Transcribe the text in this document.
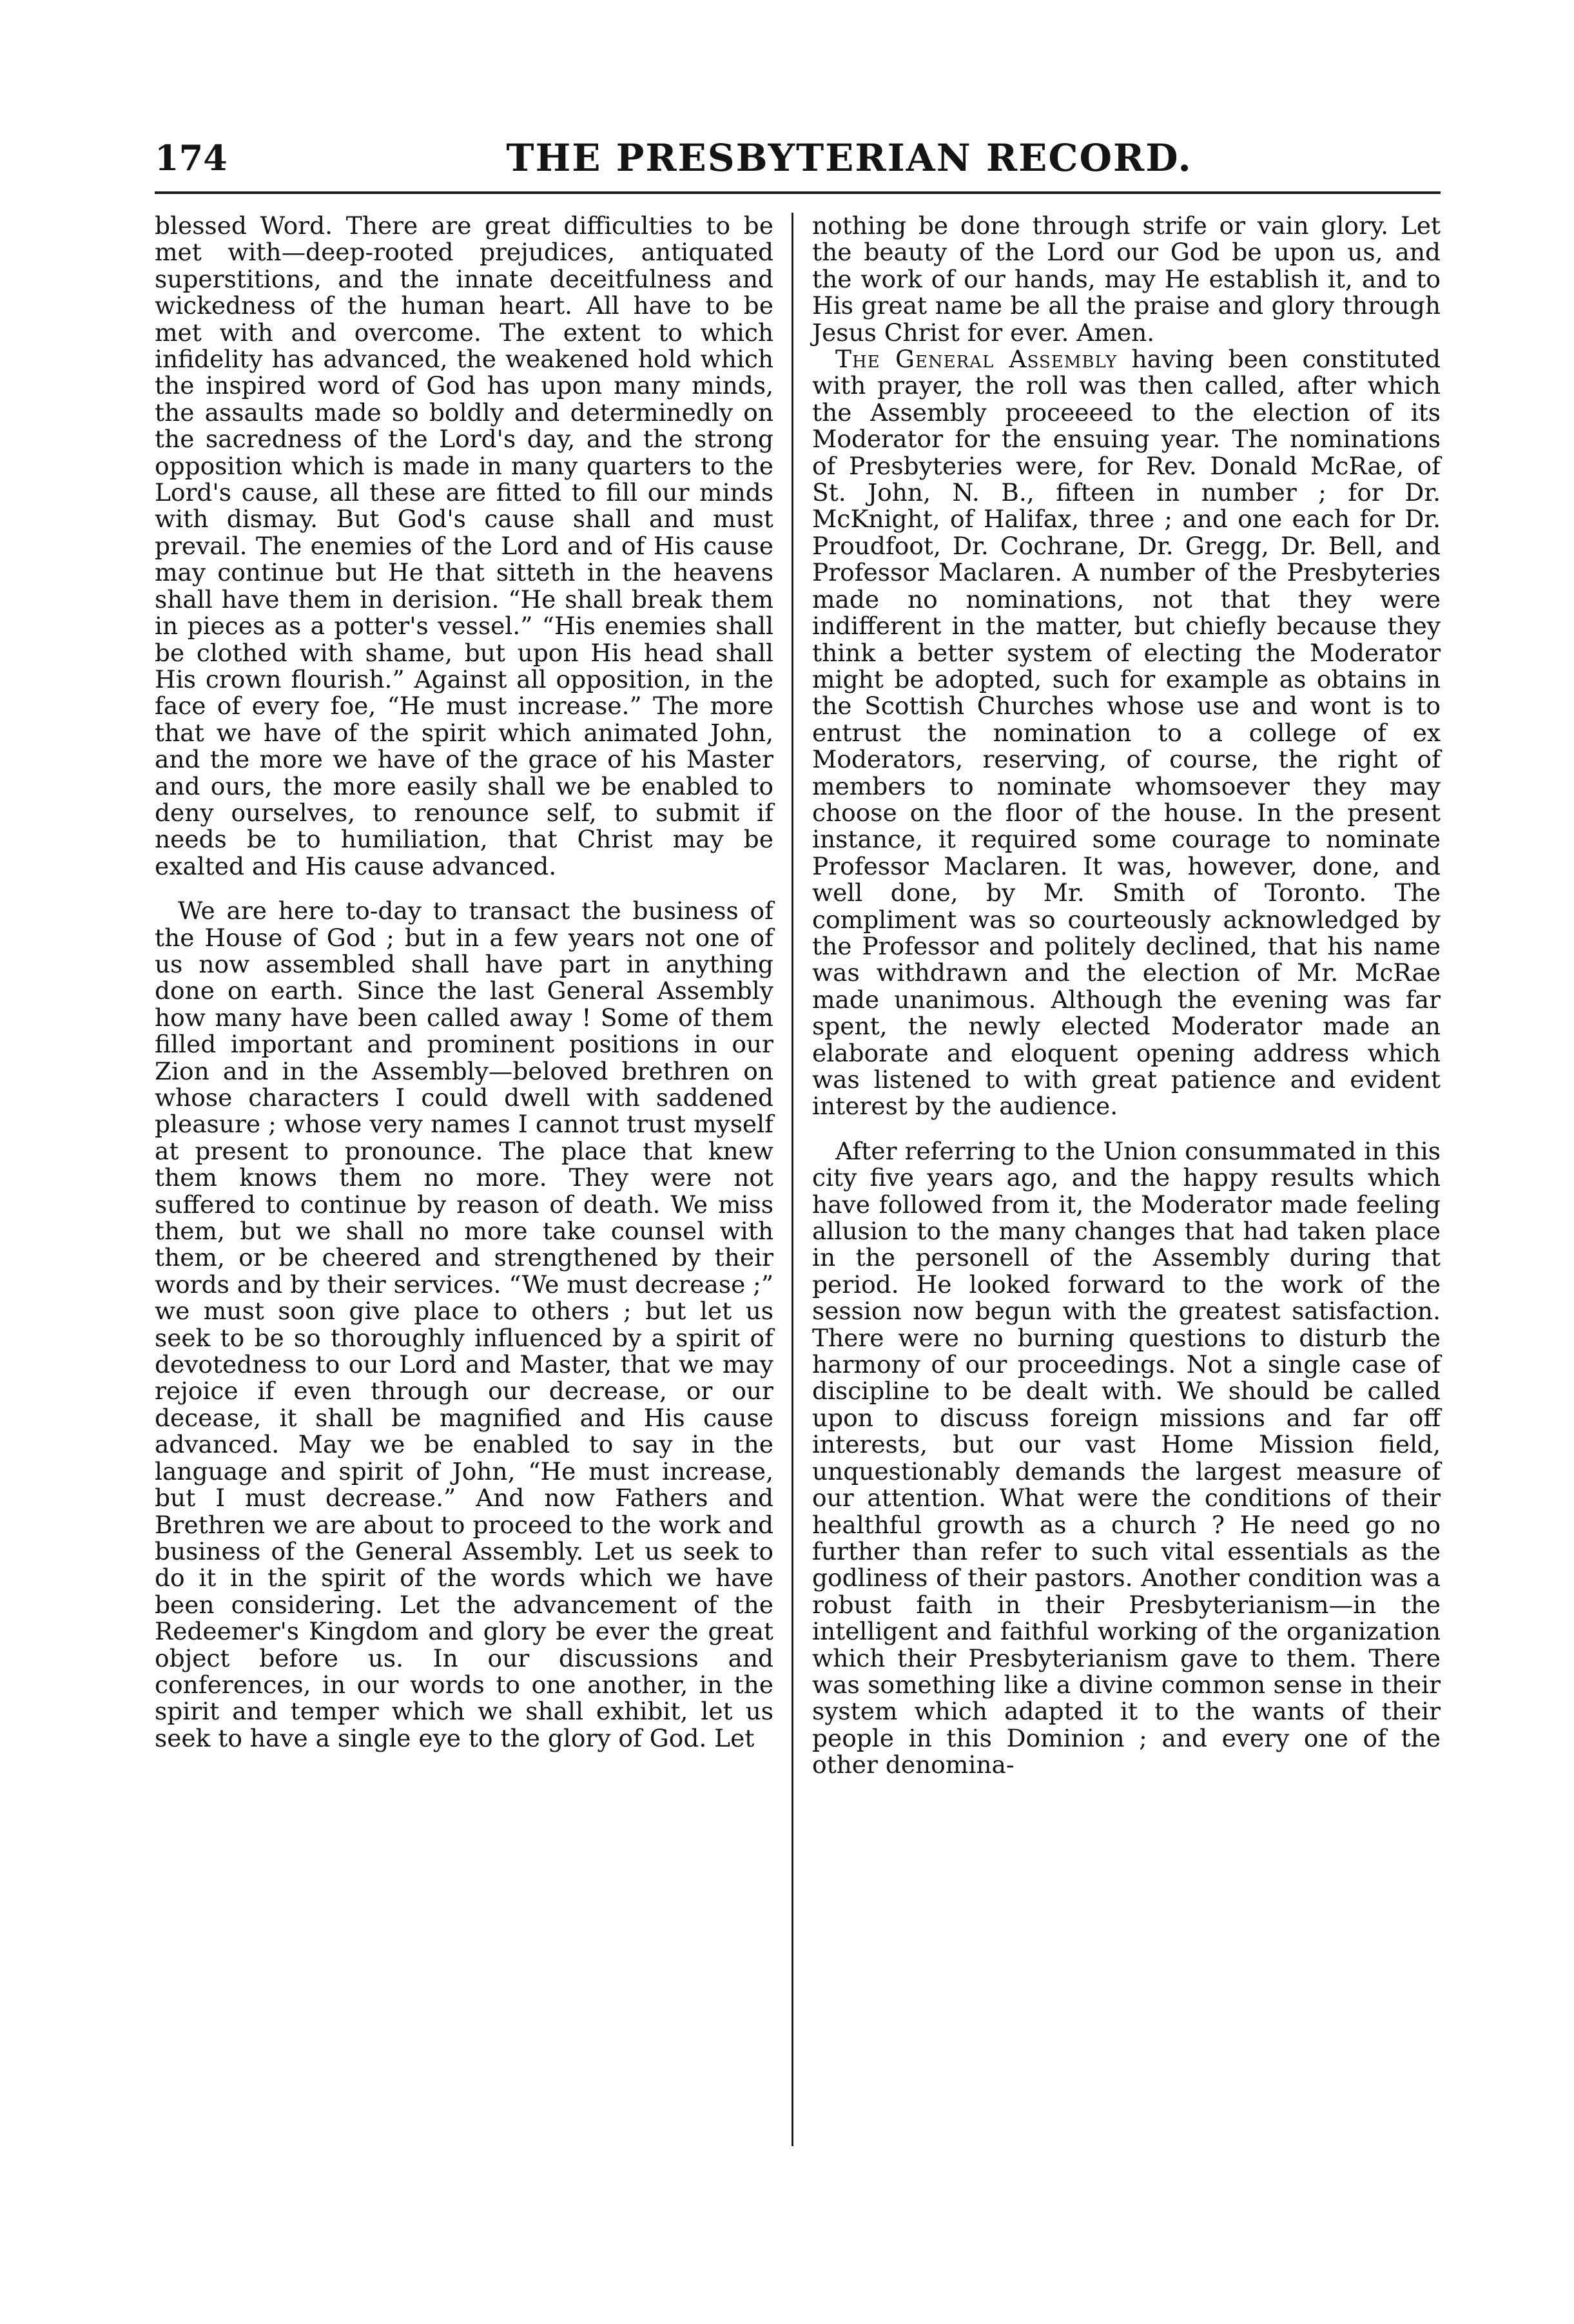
174	THE PRESBYTERIAN RECORD.

blessed Word. There are great difficulties to be met with—deep-rooted prejudices, antiquated superstitions, and the innate deceitfulness and wickedness of the human heart. All have to be met with and overcome. The extent to which infidelity has advanced, the weakened hold which the inspired word of God has upon many minds, the assaults made so boldly and determinedly on the sacredness of the Lord's day, and the strong opposition which is made in many quarters to the Lord's cause, all these are fitted to fill our minds with dismay. But God's cause shall and must prevail. The enemies of the Lord and of His cause may continue but He that sitteth in the heavens shall have them in derision. “He shall break them in pieces as a potter's vessel.” “His enemies shall be clothed with shame, but upon His head shall His crown flourish.” Against all opposition, in the face of every foe, “He must increase.” The more that we have of the spirit which animated John, and the more we have of the grace of his Master and ours, the more easily shall we be enabled to deny ourselves, to renounce self, to submit if needs be to humiliation, that Christ may be exalted and His cause advanced.

We are here to-day to transact the business of the House of God ; but in a few years not one of us now assembled shall have part in anything done on earth. Since the last General Assembly how many have been called away ! Some of them filled important and prominent positions in our Zion and in the Assembly—beloved brethren on whose characters I could dwell with saddened pleasure ; whose very names I cannot trust myself at present to pronounce. The place that knew them knows them no more. They were not suffered to continue by reason of death. We miss them, but we shall no more take counsel with them, or be cheered and strengthened by their words and by their services. “We must decrease ;” we must soon give place to others ; but let us seek to be so thoroughly influenced by a spirit of devotedness to our Lord and Master, that we may rejoice if even through our decrease, or our decease, it shall be magnified and His cause advanced. May we be enabled to say in the language and spirit of John, “He must increase, but I must decrease.” And now Fathers and Brethren we are about to proceed to the work and business of the General Assembly. Let us seek to do it in the spirit of the words which we have been considering. Let the advancement of the Redeemer's Kingdom and glory be ever the great object before us. In our discussions and conferences, in our words to one another, in the spirit and temper which we shall exhibit, let us seek to have a single eye to the glory of God. Let

nothing be done through strife or vain glory. Let the beauty of the Lord our God be upon us, and the work of our hands, may He establish it, and to His great name be all the praise and glory through Jesus Christ for ever. Amen.

The General Assembly having been constituted with prayer, the roll was then called, after which the Assembly proceeeed to the election of its Moderator for the ensuing year. The nominations of Presbyteries were, for Rev. Donald McRae, of St. John, N. B., fifteen in number ; for Dr. McKnight, of Halifax, three ; and one each for Dr. Proudfoot, Dr. Cochrane, Dr. Gregg, Dr. Bell, and Professor Maclaren. A number of the Presbyteries made no nominations, not that they were indifferent in the matter, but chiefly because they think a better system of electing the Moderator might be adopted, such for example as obtains in the Scottish Churches whose use and wont is to entrust the nomination to a college of ex Moderators, reserving, of course, the right of members to nominate whomsoever they may choose on the floor of the house. In the present instance, it required some courage to nominate Professor Maclaren. It was, however, done, and well done, by Mr. Smith of Toronto. The compliment was so courteously acknowledged by the Professor and politely declined, that his name was withdrawn and the election of Mr. McRae made unanimous. Although the evening was far spent, the newly elected Moderator made an elaborate and eloquent opening address which was listened to with great patience and evident interest by the audience.

After referring to the Union consummated in this city five years ago, and the happy results which have followed from it, the Moderator made feeling allusion to the many changes that had taken place in the personell of the Assembly during that period. He looked forward to the work of the session now begun with the greatest satisfaction. There were no burning questions to disturb the harmony of our proceedings. Not a single case of discipline to be dealt with. We should be called upon to discuss foreign missions and far off interests, but our vast Home Mission field, unquestionably demands the largest measure of our attention. What were the conditions of their healthful growth as a church ? He need go no further than refer to such vital essentials as the godliness of their pastors. Another condition was a robust faith in their Presbyterianism—in the intelligent and faithful working of the organization which their Presbyterianism gave to them. There was something like a divine common sense in their system which adapted it to the wants of their people in this Dominion ; and every one of the other denomina-
